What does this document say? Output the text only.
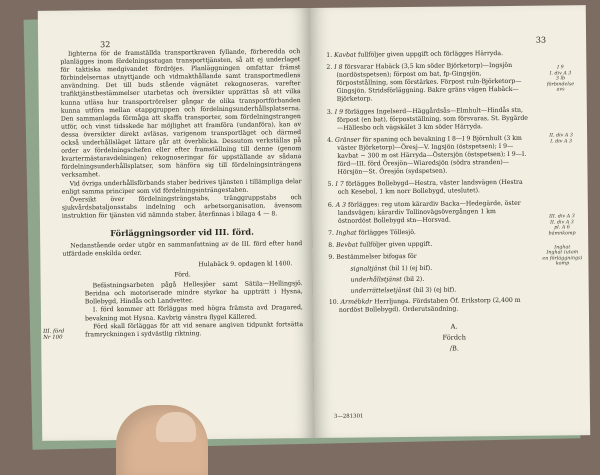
32

lighterna för de framställda transportkraven fyllande, förberedda och planlägges inom fördelningsstugan transporttjänsten, så att ej underlaget för taktiska medgivandet fördröjes. Planläggningen omfattar främst förbindelsernas utnyttjande och vidmakthållande samt transportmedlens användning. Det till buds stående vägnätet rekognoseras, varefter trafiktjänstbestämmelser utarbetas och översikter upprättas så att vilka kunna utläsa hur transportrörelser gångar de olika transportförbanden kunna utföra mellan etappgruppen och fördelningsunderhållsplatserna. Den sammanlagda förmåga att skaffa transporter, som fördelningstrangen utför, och vinst tidsskede har möjlighet att framföra (undanföra), kan av dessa översikter direkt avläsas, varigenom transportläget och därmed också underhållsläget lättare går att överblicka. Dessutom verkställas på order av fördelningschefen eller efter framställning till denne (genom kvartermästaravdelningen) rekognoseringar för uppställande av sådana fördelningsunderhållsplatser, som hänföra sig till fördelningsinträngens verksamhet.

Vid övriga underhållsförbands staber bedrives tjänsten i tillämpliga delar enligt samma principer som vid fördelningsinträngestaben.

Översikt över fördelningsträngstabs, tränggruppstabs och sjukvårdsbataljonsstabs indelning och arbetsorganisation, ävensom instruktion för tjänsten vid nämnda staber, återfinnas i bilaga 4 — 8.

Förläggningsorder vid III. förd.

Nedanstående order utgör en sammanfattning av de III. förd efter hand utfärdade enskilda order.

Hulabäck 9. opdagen kl 1400.
Förd.
III. förd
Nr 100

Befästningsarbeten pågå Hellesjöer samt Sätila—Hellingsjö. Beridna och motoriserade mindre styrkor ha uppträtt i Hysna, Bollebygd, Hindås och Landvetter.

I. förd kommer att förläggas med högra främsta avd Dragared, bevakning mot Hysna. Kavbrig vänstra flygel Källered.

Förd skall förläggas för att vid senare angiven tidpunkt fortsätta framryckningen i sydvästlig riktning.

33
I 9
I. div A 3
3 lb
förbindelse
avs
II. div A 3
I. div A 3
III. div A 3
II. div A 3
pl. A 6
bämnkomp
Inghat
Inghat (utom
en förläggnings)
komp
1. Kavbat fullföljer given uppgift och förlägges Härryda.
2. I 8 försvarar Habäck (3,5 km söder Björketorp)—Ingsjön (nordöstspetsen); förpost om bat, fp-Gingsjön, förpoststållning, som förstärkes. Förpost ruln-Björketorp—Gingsjön. Stridsförläggning. Bakre gräns vägen Habäck—Björketorp.
3. I 9 förlägges Ingelserd—Häggårdsås—Elmhult—Hindås stn, förpost (en bat), förpostställning, som försvaras, St. Bygärde—Hällesbo och vägskälet 3 km söder Härryda.
4. Gränser för spaning och bevakning I 8—I 9 Björnhult (3 km väster Björketorp)—Öresj—V. Ingsjön (östspetsen); I 9—kavbat ~ 300 m ost Härryda—Östersjön (östspetsen); I 9—I. förd—III. förd Öresjön—Wiaredsjön (södra stranden)—Hörsjön—St. Öresjön (sydspetsen).
5. I 7 förlägges Bollebygd—Hestra, väster landsvägen (Hestra och Kesebol, 1 km norr Bollebygd, uteslutet).
6. A 3 förlägges: reg utom kärardiv Backa—Hedegärde, öster landsvägen; kärardiv Tollinovägsövergången 1 km östnordöst Bollebygd stn—Horsvad.
7. Inghat förlägges Töllesjö.
8. Bevbat fullföljer given uppgift.
9. Bestämmelser bifogas för
signaltjänst (bil 1) (ej bif).
underhållstjänst (bil 2).
underrättelsetjänst (bil 3) (ej bif).
10. Armébkdr Herrljunga. Fördstaben Öf. Erikstorp (2,400 m nordöst Bollebygd). Orderutsändning.
A.
Fördch
/B.
3—281301
